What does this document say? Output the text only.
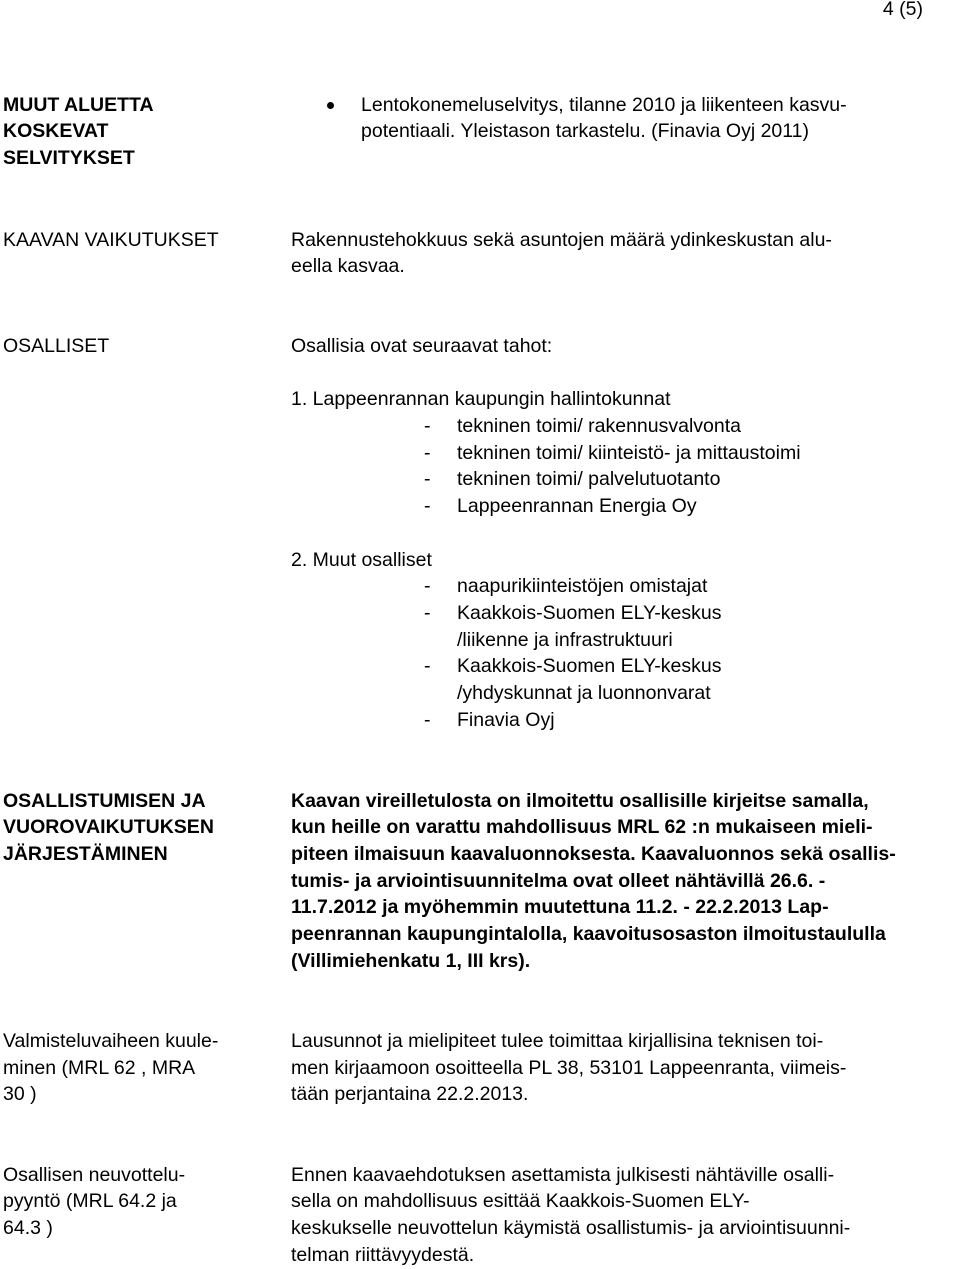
4 (5)
MUUT ALUETTA
KOSKEVAT
SELVITYKSET
Lentokonemeluselvitys, tilanne 2010 ja liikenteen kasvu-
potentiaali. Yleistason tarkastelu. (Finavia Oyj 2011)
KAAVAN VAIKUTUKSET	Rakennustehokkuus sekä asuntojen määrä ydinkeskustan alu-
eella kasvaa.
OSALLISET	Osallisia ovat seuraavat tahot:
1. Lappeenrannan kaupungin hallintokunnat
- tekninen toimi/ rakennusvalvonta
- tekninen toimi/ kiinteistö- ja mittaustoimi
- tekninen toimi/ palvelutuotanto
- Lappeenrannan Energia Oy
2. Muut osalliset
- naapurikiinteistöjen omistajat
- Kaakkois-Suomen ELY-keskus
/liikenne ja infrastruktuuri
- Kaakkois-Suomen ELY-keskus
/yhdyskunnat ja luonnonvarat
- Finavia Oyj
OSALLISTUMISEN JA
VUOROVAIKUTUKSEN
JÄRJESTÄMINEN
Kaavan vireilletulosta on ilmoitettu osallisille kirjeitse samalla,
kun heille on varattu mahdollisuus MRL 62 :n mukaiseen mieli-
piteen ilmaisuun kaavaluonnoksesta. Kaavaluonnos sekä osallis-
tumis- ja arviointisuunnitelma ovat olleet nähtävillä 26.6. -
11.7.2012 ja myöhemmin muutettuna 11.2. - 22.2.2013 Lap-
peenrannan kaupungintalolla, kaavoitusosaston ilmoitustaululla
(Villimiehenkatu 1, III krs).
Valmisteluvaiheen kuule-
minen (MRL 62 , MRA
30 )
Lausunnot ja mielipiteet tulee toimittaa kirjallisina teknisen toi-
men kirjaamoon osoitteella PL 38, 53101 Lappeenranta, viimeis-
tään perjantaina 22.2.2013.
Osallisen neuvottelu-
pyyntö (MRL 64.2 ja
64.3 )
Ennen kaavaehdotuksen asettamista julkisesti nähtäville osalli-
sella on mahdollisuus esittää Kaakkois-Suomen ELY-
keskukselle neuvottelun käymistä osallistumis- ja arviointisuunni-
telman riittävyydestä.
